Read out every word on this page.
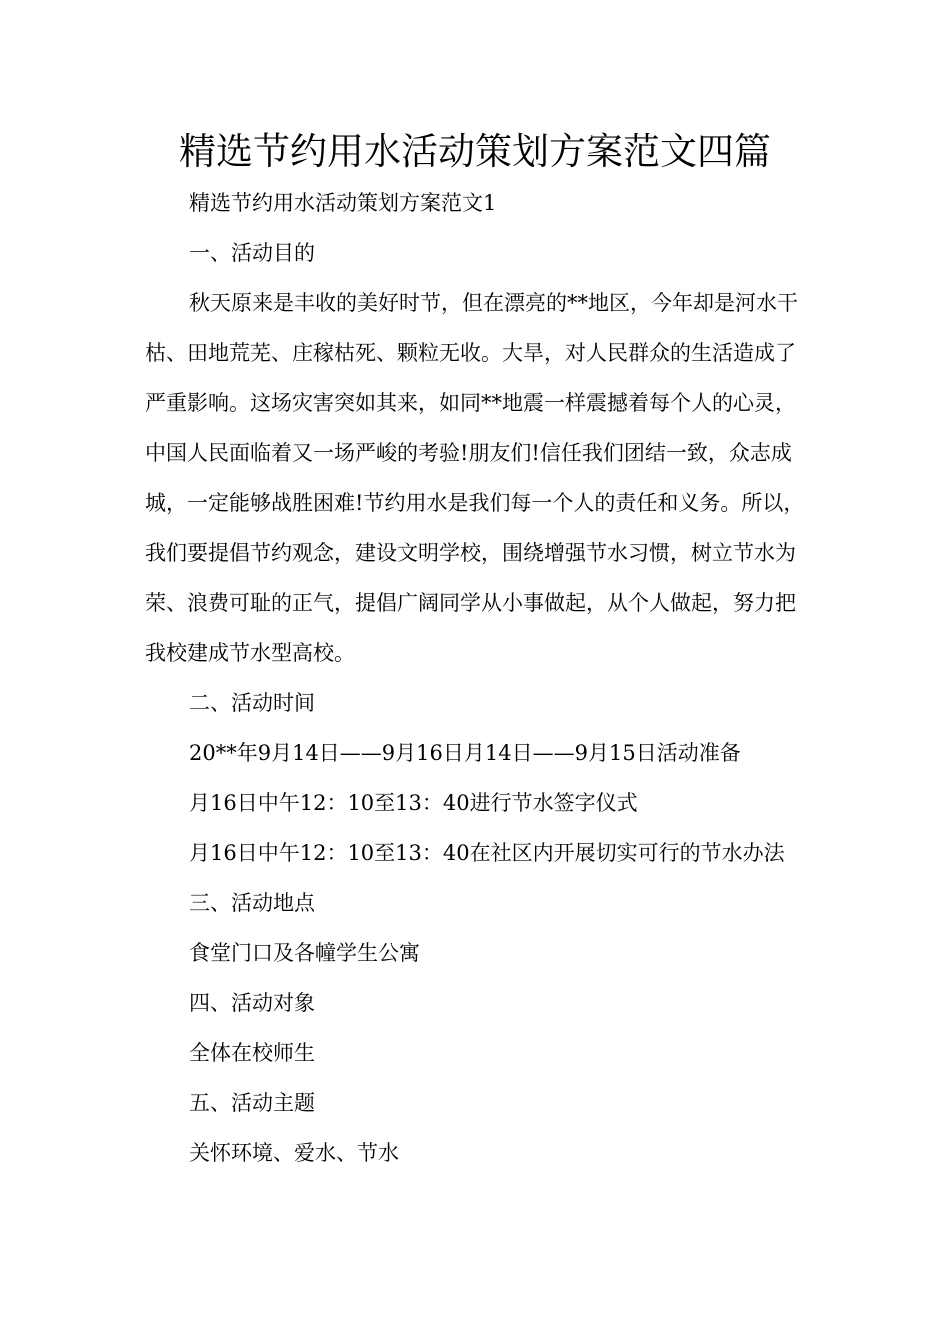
精选节约用水活动策划方案范文四篇

精选节约用水活动策划方案范文1

一、活动目的

秋天原来是丰收的美好时节，但在漂亮的**地区，今年却是河水干枯、田地荒芜、庄稼枯死、颗粒无收。大旱，对人民群众的生活造成了严重影响。这场灾害突如其来，如同**地震一样震撼着每个人的心灵，中国人民面临着又一场严峻的考验!朋友们!信任我们团结一致，众志成城，一定能够战胜困难!节约用水是我们每一个人的责任和义务。所以，我们要提倡节约观念，建设文明学校，围绕增强节水习惯，树立节水为荣、浪费可耻的正气，提倡广阔同学从小事做起，从个人做起，努力把我校建成节水型高校。

二、活动时间

20**年9月14日——9月16日月14日——9月15日活动准备

月16日中午12：10至13：40进行节水签字仪式

月16日中午12：10至13：40在社区内开展切实可行的节水办法

三、活动地点

食堂门口及各幢学生公寓

四、活动对象

全体在校师生

五、活动主题

关怀环境、爱水、节水
